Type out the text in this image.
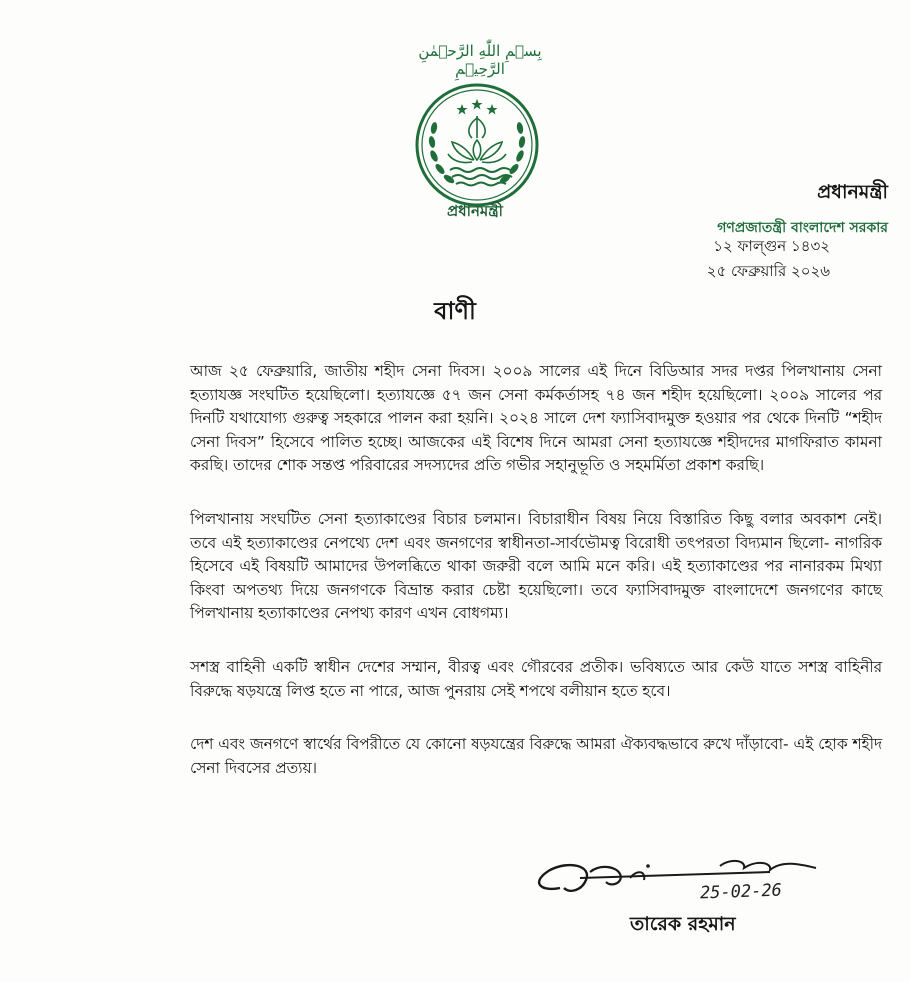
بِسۡمِ اللّٰهِ الرَّحۡمٰنِ الرَّحِیۡمِ
প্রধানমন্ত্রী
প্রধানমন্ত্রী
গণপ্রজাতন্ত্রী বাংলাদেশ সরকার
১২ ফাল্গুন ১৪৩২
২৫ ফেব্রুয়ারি ২০২৬
বাণী

আজ ২৫ ফেব্রুয়ারি, জাতীয় শহীদ সেনা দিবস। ২০০৯ সালের এই দিনে বিডিআর সদর দপ্তর পিলখানায় সেনা হত্যাযজ্ঞ সংঘটিত হয়েছিলো। হত্যাযজ্ঞে ৫৭ জন সেনা কর্মকর্তাসহ ৭৪ জন শহীদ হয়েছিলো। ২০০৯ সালের পর দিনটি যথাযোগ্য গুরুত্ব সহকারে পালন করা হয়নি। ২০২৪ সালে দেশ ফ্যাসিবাদমুক্ত হওয়ার পর থেকে দিনটি “শহীদ সেনা দিবস” হিসেবে পালিত হচ্ছে। আজকের এই বিশেষ দিনে আমরা সেনা হত্যাযজ্ঞে শহীদদের মাগফিরাত কামনা করছি। তাদের শোক সন্তপ্ত পরিবারের সদস্যদের প্রতি গভীর সহানুভূতি ও সহমর্মিতা প্রকাশ করছি।

পিলখানায় সংঘটিত সেনা হত্যাকাণ্ডের বিচার চলমান। বিচারাধীন বিষয় নিয়ে বিস্তারিত কিছু বলার অবকাশ নেই। তবে এই হত্যাকাণ্ডের নেপথ্যে দেশ এবং জনগণের স্বাধীনতা-সার্বভৌমত্ব বিরোধী তৎপরতা বিদ্যমান ছিলো- নাগরিক হিসেবে এই বিষয়টি আমাদের উপলব্ধিতে থাকা জরুরী বলে আমি মনে করি। এই হত্যাকাণ্ডের পর নানারকম মিথ্যা কিংবা অপতথ্য দিয়ে জনগণকে বিভ্রান্ত করার চেষ্টা হয়েছিলো। তবে ফ্যাসিবাদমুক্ত বাংলাদেশে জনগণের কাছে পিলখানায় হত্যাকাণ্ডের নেপথ্য কারণ এখন বোধগম্য।

সশস্ত্র বাহিনী একটি স্বাধীন দেশের সম্মান, বীরত্ব এবং গৌরবের প্রতীক। ভবিষ্যতে আর কেউ যাতে সশস্ত্র বাহিনীর বিরুদ্ধে ষড়যন্ত্রে লিপ্ত হতে না পারে, আজ পুনরায় সেই শপথে বলীয়ান হতে হবে।

দেশ এবং জনগণে স্বার্থের বিপরীতে যে কোনো ষড়যন্ত্রের বিরুদ্ধে আমরা ঐক্যবদ্ধভাবে রুখে দাঁড়াবো- এই হোক শহীদ সেনা দিবসের প্রত্যয়।

25-02-26
তারেক রহমান
